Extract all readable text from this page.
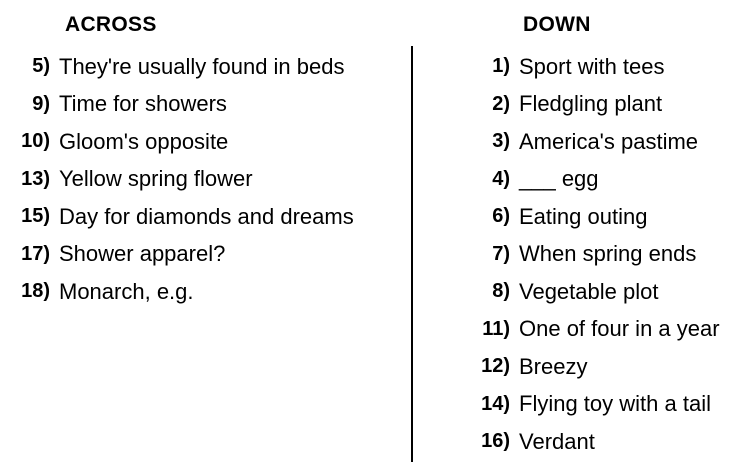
ACROSS	DOWN
5) They're usually found in beds
9) Time for showers
10) Gloom's opposite
13) Yellow spring flower
15) Day for diamonds and dreams
17) Shower apparel?
18) Monarch, e.g.
1) Sport with tees
2) Fledgling plant
3) America's pastime
4) ___ egg
6) Eating outing
7) When spring ends
8) Vegetable plot
11) One of four in a year
12) Breezy
14) Flying toy with a tail
16) Verdant
